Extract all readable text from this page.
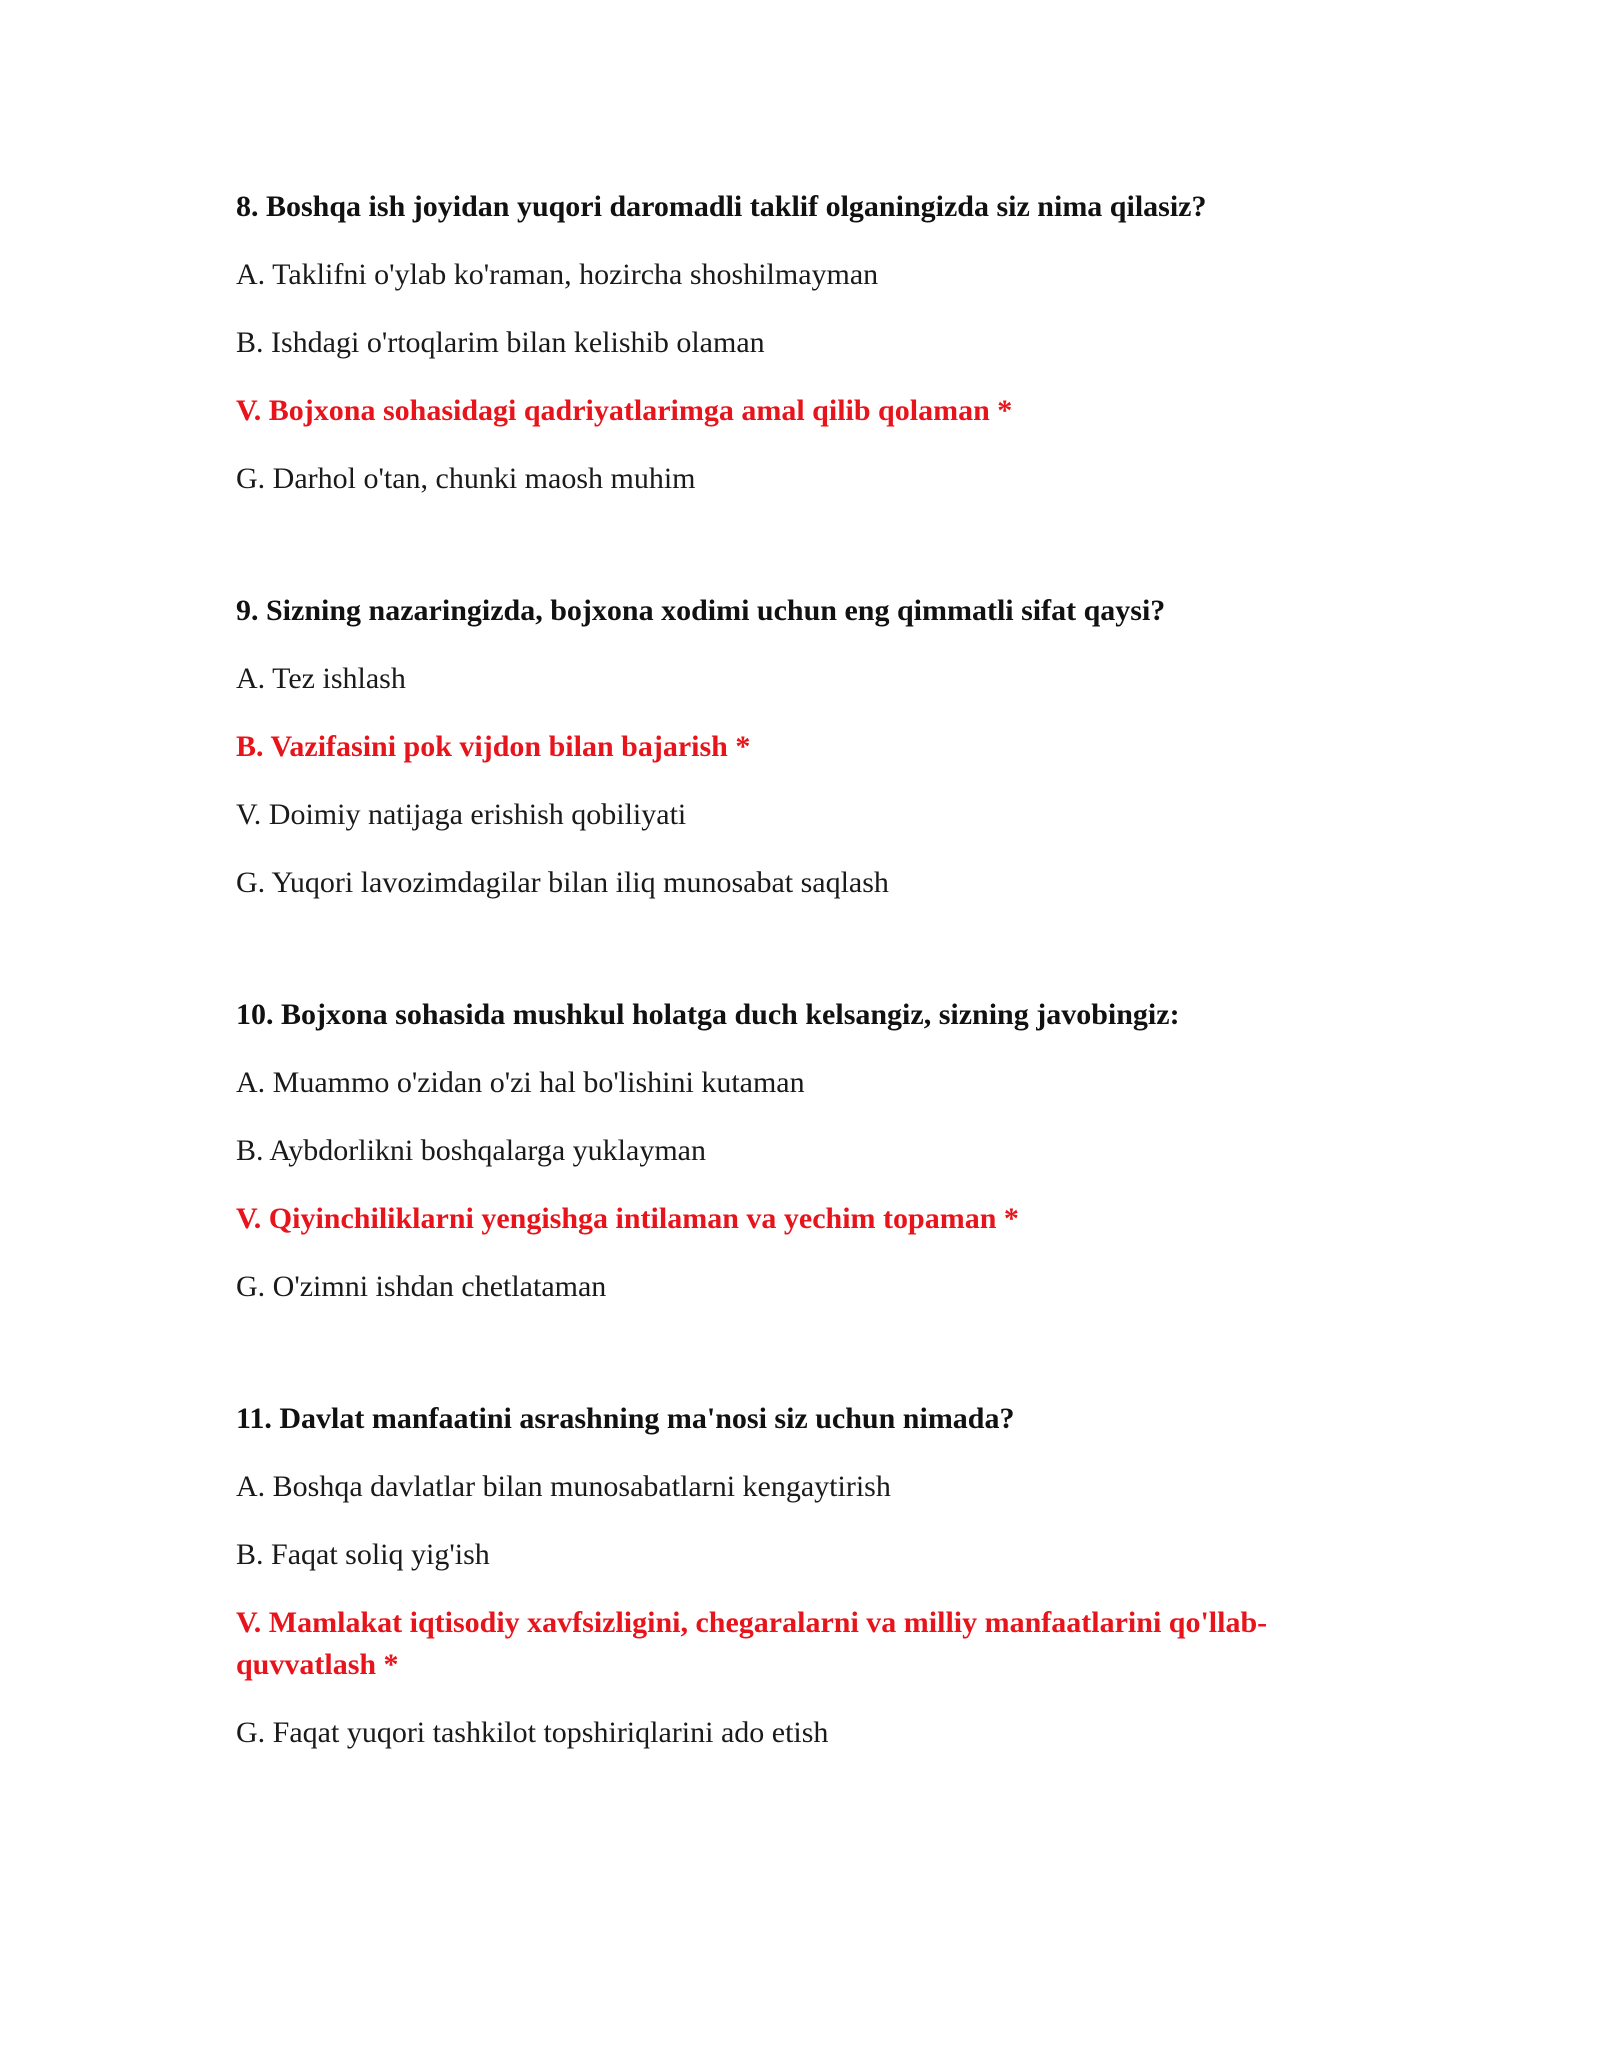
8. Boshqa ish joyidan yuqori daromadli taklif olganingizda siz nima qilasiz?

A. Taklifni o'ylab ko'raman, hozircha shoshilmayman

B. Ishdagi o'rtoqlarim bilan kelishib olaman

V. Bojxona sohasidagi qadriyatlarimga amal qilib qolaman *

G. Darhol o'tan, chunki maosh muhim

9. Sizning nazaringizda, bojxona xodimi uchun eng qimmatli sifat qaysi?

A. Tez ishlash

B. Vazifasini pok vijdon bilan bajarish *

V. Doimiy natijaga erishish qobiliyati

G. Yuqori lavozimdagilar bilan iliq munosabat saqlash

10. Bojxona sohasida mushkul holatga duch kelsangiz, sizning javobingiz:

A. Muammo o'zidan o'zi hal bo'lishini kutaman

B. Aybdorlikni boshqalarga yuklayman

V. Qiyinchiliklarni yengishga intilaman va yechim topaman *

G. O'zimni ishdan chetlataman

11. Davlat manfaatini asrashning ma'nosi siz uchun nimada?

A. Boshqa davlatlar bilan munosabatlarni kengaytirish

B. Faqat soliq yig'ish

V. Mamlakat iqtisodiy xavfsizligini, chegaralarni va milliy manfaatlarini qo'llab-quvvatlash *

G. Faqat yuqori tashkilot topshiriqlarini ado etish
